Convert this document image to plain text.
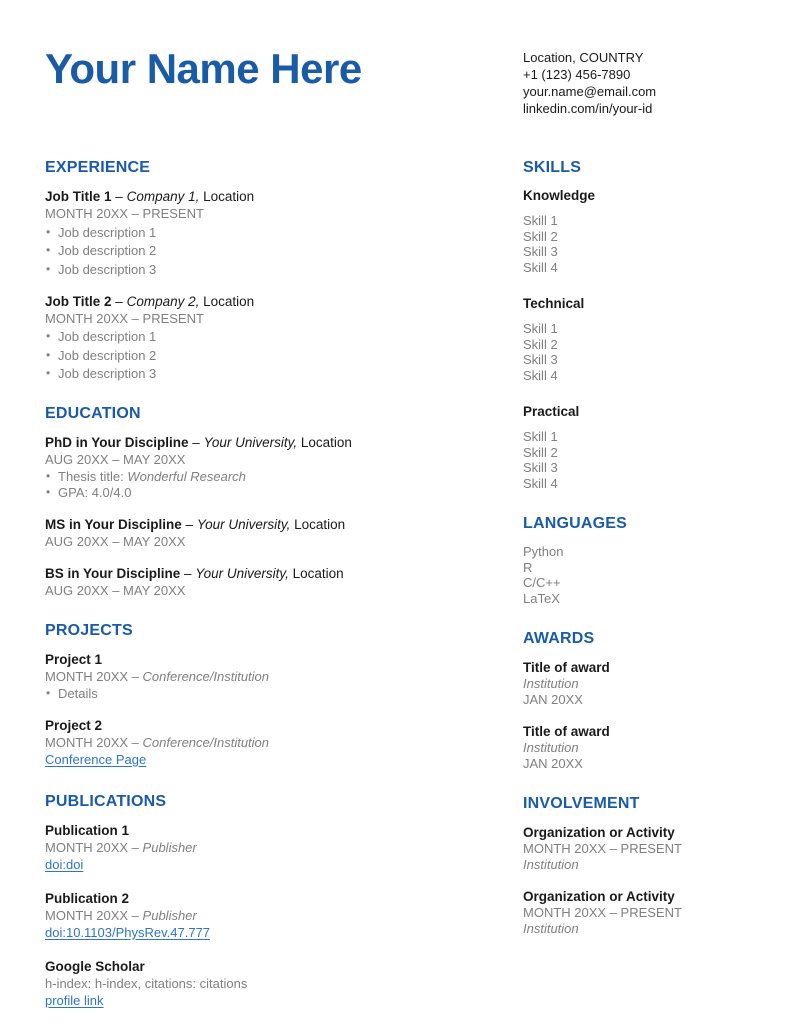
Your Name Here	Location, COUNTRY

+1 (123) 456-7890

your.name@email.com

linkedin.com/in/your-id

EXPERIENCE

Job Title 1 – Company 1, Location

MONTH 20XX – PRESENT

• Job description 1
• Job description 2
• Job description 3

Job Title 2 – Company 2, Location

MONTH 20XX – PRESENT

• Job description 1
• Job description 2
• Job description 3
EDUCATION

PhD in Your Discipline – Your University, Location

AUG 20XX – MAY 20XX

• Thesis title: Wonderful Research
• GPA: 4.0/4.0

MS in Your Discipline – Your University, Location

AUG 20XX – MAY 20XX

BS in Your Discipline – Your University, Location

AUG 20XX – MAY 20XX

PROJECTS

Project 1

MONTH 20XX – Conference/Institution

• Details

Project 2

MONTH 20XX – Conference/Institution

Conference Page
PUBLICATIONS

Publication 1

MONTH 20XX – Publisher

doi:doi

Publication 2

MONTH 20XX – Publisher

doi:10.1103/PhysRev.47.777

Google Scholar

h-index: h-index, citations: citations

profile link
SKILLS
Knowledge

Skill 1

Skill 2

Skill 3

Skill 4

Technical

Skill 1

Skill 2

Skill 3

Skill 4

Practical

Skill 1

Skill 2

Skill 3

Skill 4

LANGUAGES

Python

R

C/C++

LaTeX

AWARDS

Title of award

Institution

JAN 20XX

Title of award

Institution

JAN 20XX

INVOLVEMENT

Organization or Activity

MONTH 20XX – PRESENT

Institution

Organization or Activity

MONTH 20XX – PRESENT

Institution
